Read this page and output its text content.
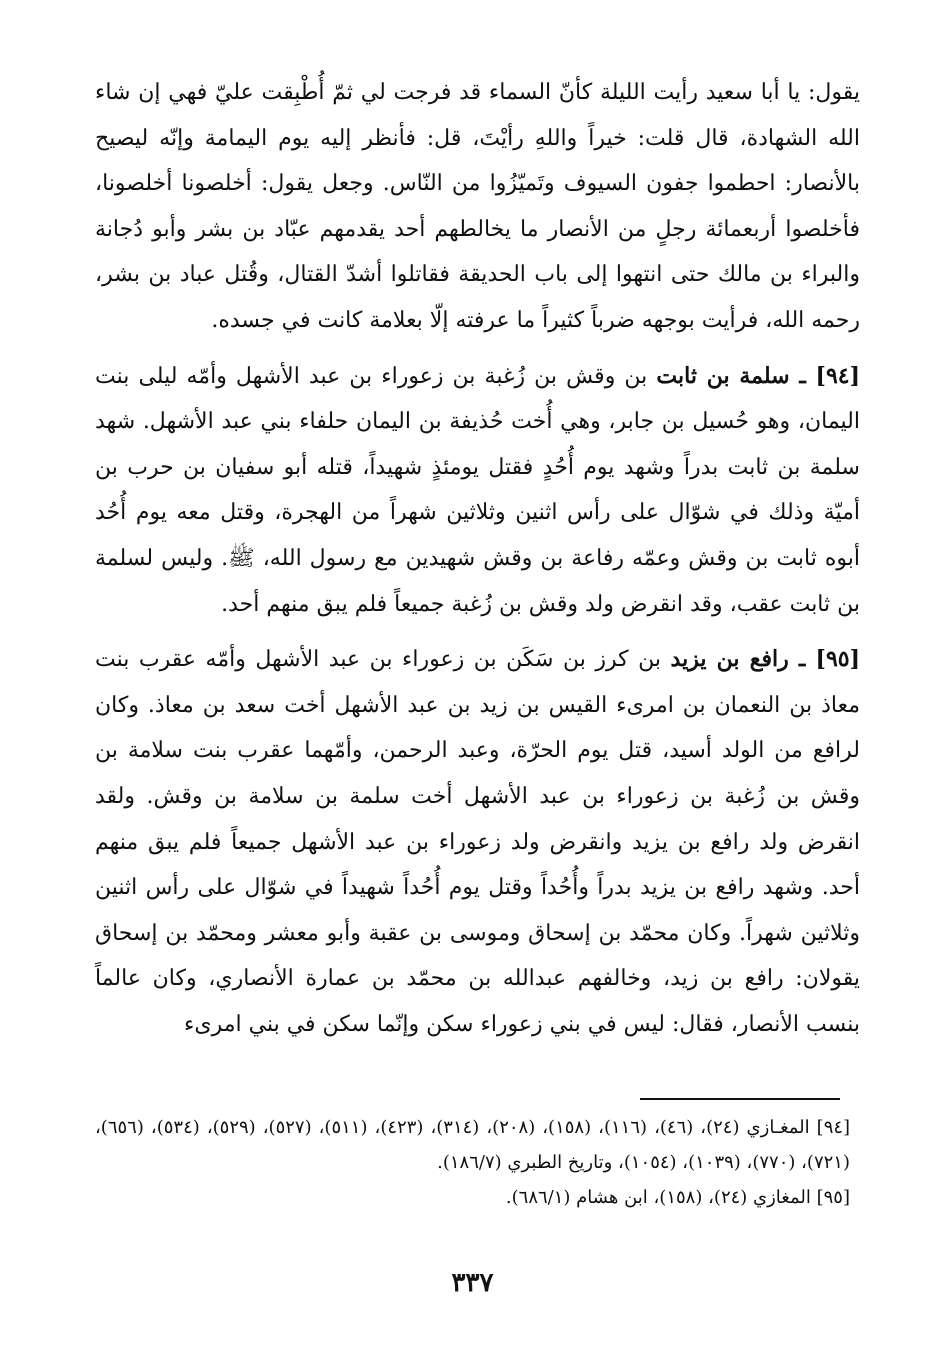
يقول: يا أبا سعيد رأيت الليلة كأنّ السماء قد فرجت لي ثمّ أُطْبِقت عليّ فهي إن شاء الله الشهادة، قال قلت: خيراً واللهِ رأيْتَ، قل: فأنظر إليه يوم اليمامة وإنّه ليصيح بالأنصار: احطموا جفون السيوف وتَميّزُوا من النّاس. وجعل يقول: أخلصونا أخلصونا، فأخلصوا أربعمائة رجلٍ من الأنصار ما يخالطهم أحد يقدمهم عبّاد بن بشر وأبو دُجانة والبراء بن مالك حتى انتهوا إلى باب الحديقة فقاتلوا أشدّ القتال، وقُتل عباد بن بشر، رحمه الله، فرأيت بوجهه ضرباً كثيراً ما عرفته إلّا بعلامة كانت في جسده.

[٩٤] ـ سلمة بن ثابت بن وقش بن زُغبة بن زعوراء بن عبد الأشهل وأمّه ليلى بنت اليمان، وهو حُسيل بن جابر، وهي أُخت حُذيفة بن اليمان حلفاء بني عبد الأشهل. شهد سلمة بن ثابت بدراً وشهد يوم أُحُدٍ فقتل يومئذٍ شهيداً، قتله أبو سفيان بن حرب بن أميّة وذلك في شوّال على رأس اثنين وثلاثين شهراً من الهجرة، وقتل معه يوم أُحُد أبوه ثابت بن وقش وعمّه رفاعة بن وقش شهيدين مع رسول الله، ﷺ. وليس لسلمة بن ثابت عقب، وقد انقرض ولد وقش بن زُغبة جميعاً فلم يبق منهم أحد.

[٩٥] ـ رافع بن يزيد بن كرز بن سَكَن بن زعوراء بن عبد الأشهل وأمّه عقرب بنت معاذ بن النعمان بن امرىء القيس بن زيد بن عبد الأشهل أخت سعد بن معاذ. وكان لرافع من الولد أسيد، قتل يوم الحرّة، وعبد الرحمن، وأمّهما عقرب بنت سلامة بن وقش بن زُغبة بن زعوراء بن عبد الأشهل أخت سلمة بن سلامة بن وقش. ولقد انقرض ولد رافع بن يزيد وانقرض ولد زعوراء بن عبد الأشهل جميعاً فلم يبق منهم أحد. وشهد رافع بن يزيد بدراً وأُحُداً وقتل يوم أُحُداً شهيداً في شوّال على رأس اثنين وثلاثين شهراً. وكان محمّد بن إسحاق وموسى بن عقبة وأبو معشر ومحمّد بن إسحاق يقولان: رافع بن زيد، وخالفهم عبدالله بن محمّد بن عمارة الأنصاري، وكان عالماً بنسب الأنصار، فقال: ليس في بني زعوراء سكن وإنّما سكن في بني امرىء

[٩٤] المغـازي (٢٤)، (٤٦)، (١١٦)، (١٥٨)، (٢٠٨)، (٣١٤)، (٤٢٣)، (٥١١)، (٥٢٧)، (٥٢٩)، (٥٣٤)، (٦٥٦)، (٧٢١)، (٧٧٠)، (١٠٣٩)، (١٠٥٤)، وتاريخ الطبري (١٨٦/٧).

[٩٥] المغازي (٢٤)، (١٥٨)، ابن هشام (٦٨٦/١).

٣٣٧
